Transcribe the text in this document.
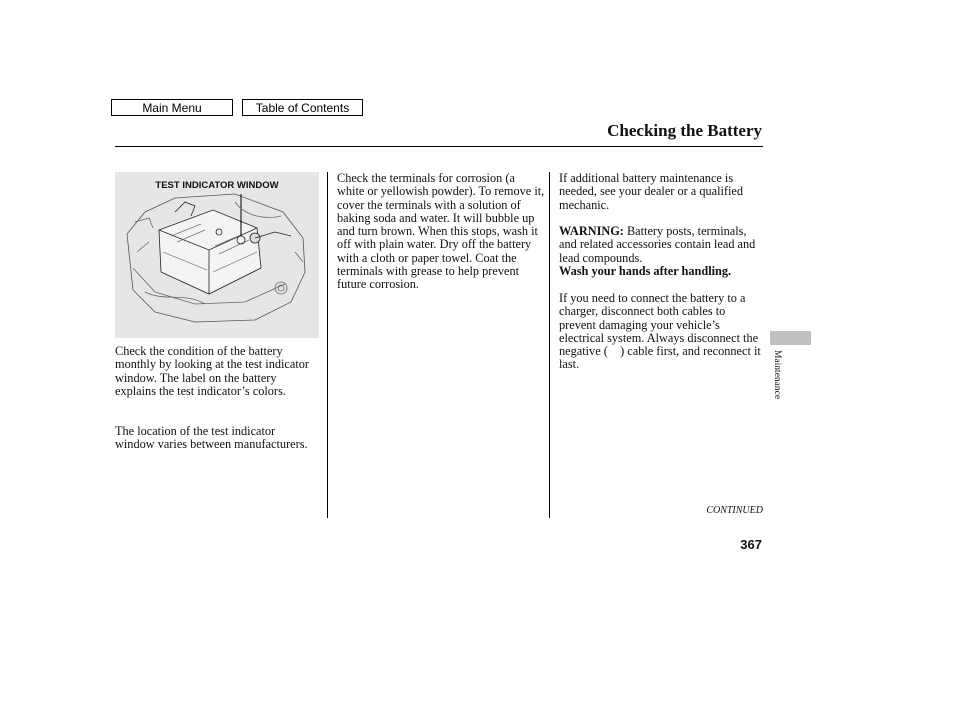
Main Menu	Table of Contents
Checking the Battery
TEST INDICATOR WINDOW

Check the condition of the battery monthly by looking at the test indicator window. The label on the battery explains the test indicator’s colors.

The location of the test indicator window varies between manufacturers.

Check the terminals for corrosion (a white or yellowish powder). To remove it, cover the terminals with a solution of baking soda and water. It will bubble up and turn brown. When this stops, wash it off with plain water. Dry off the battery with a cloth or paper towel. Coat the terminals with grease to help prevent future corrosion.

If additional battery maintenance is needed, see your dealer or a qualified mechanic.

WARNING: Battery posts, terminals, and related accessories contain lead and lead compounds.
Wash your hands after handling.

If you need to connect the battery to a charger, disconnect both cables to prevent damaging your vehicle’s electrical system. Always disconnect the negative (  ) cable first, and reconnect it last.	Maintenance
CONTINUED
367
